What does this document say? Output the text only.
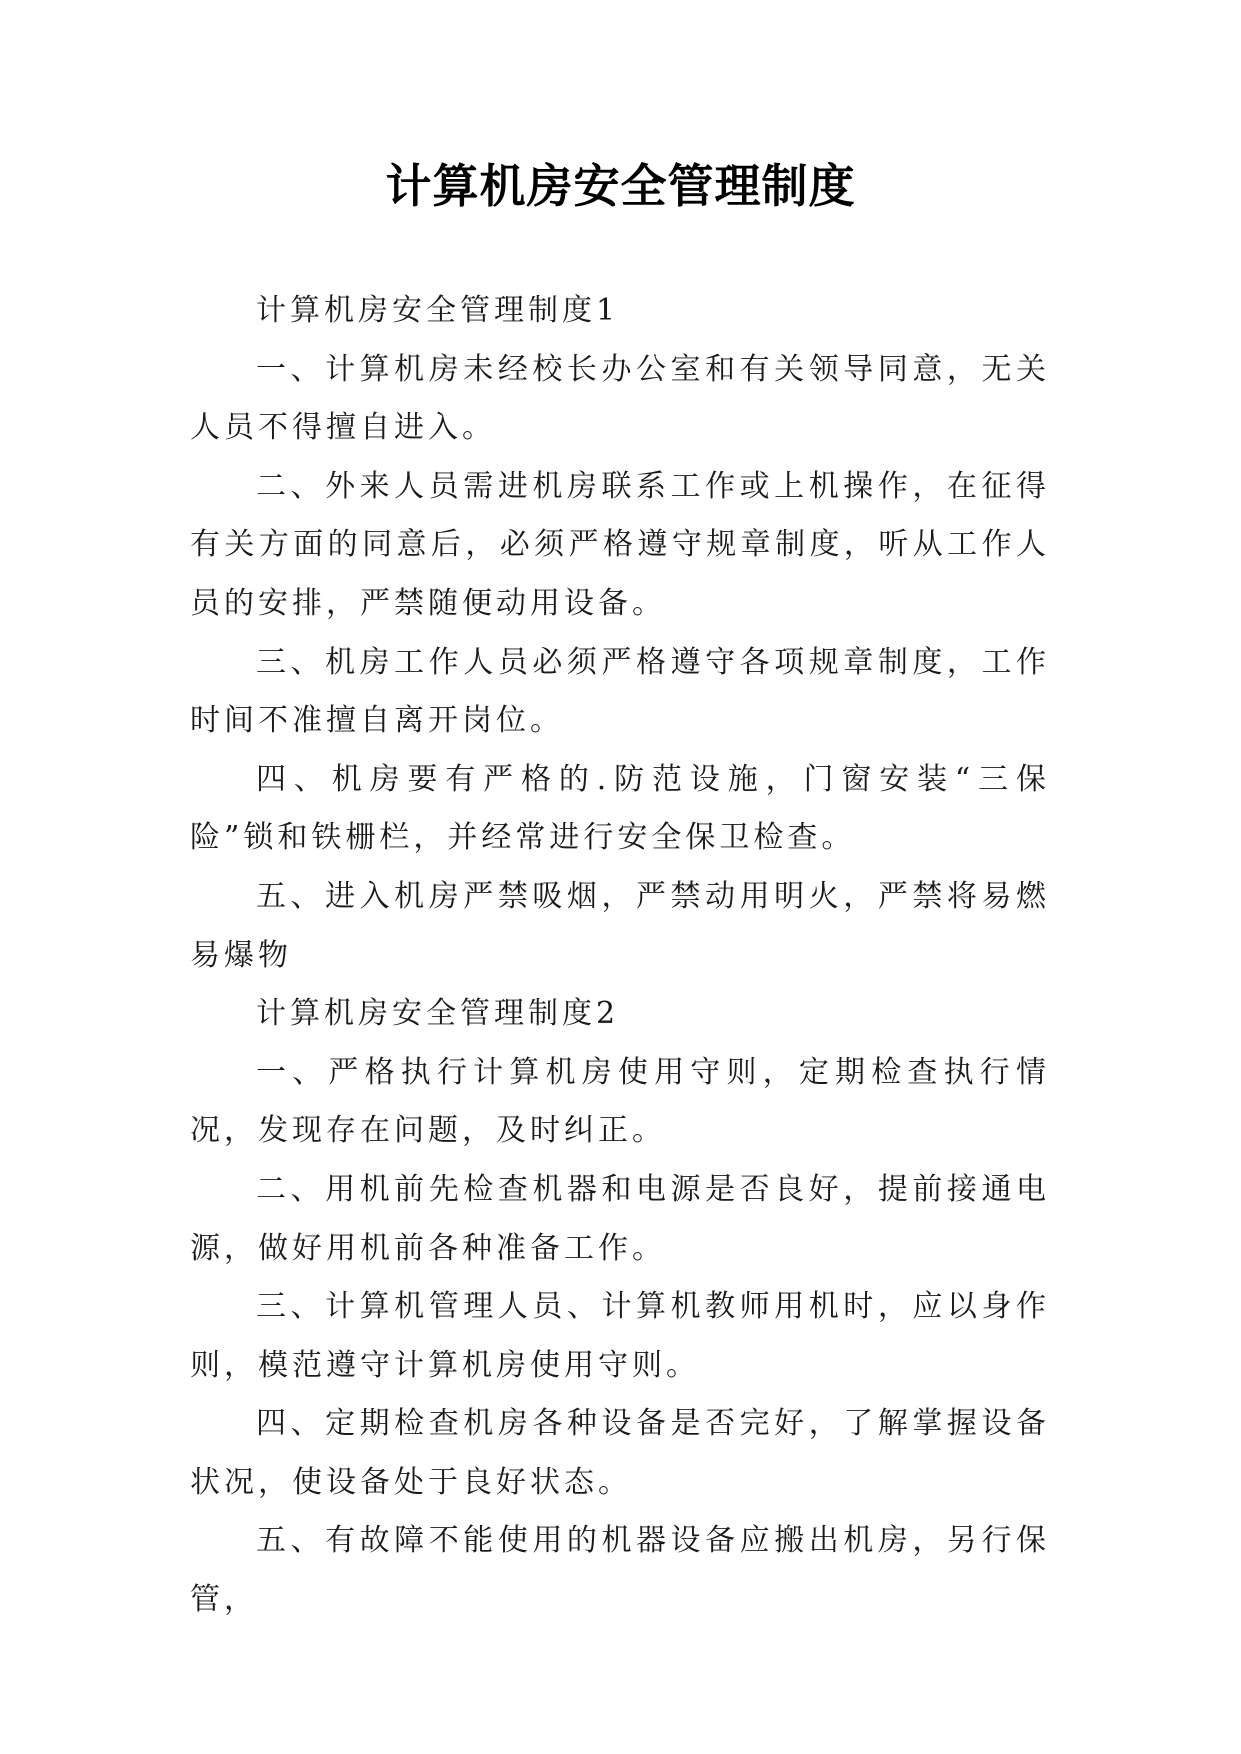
计算机房安全管理制度

计算机房安全管理制度1

一、计算机房未经校长办公室和有关领导同意，无关人员不得擅自进入。

二、外来人员需进机房联系工作或上机操作，在征得有关方面的同意后，必须严格遵守规章制度，听从工作人员的安排，严禁随便动用设备。

三、机房工作人员必须严格遵守各项规章制度，工作时间不准擅自离开岗位。

四、机房要有严格的.防范设施，门窗安装“三保险”锁和铁栅栏，并经常进行安全保卫检查。

五、进入机房严禁吸烟，严禁动用明火，严禁将易燃易爆物

计算机房安全管理制度2

一、严格执行计算机房使用守则，定期检查执行情况，发现存在问题，及时纠正。

二、用机前先检查机器和电源是否良好，提前接通电源，做好用机前各种准备工作。

三、计算机管理人员、计算机教师用机时，应以身作则，模范遵守计算机房使用守则。

四、定期检查机房各种设备是否完好，了解掌握设备状况，使设备处于良好状态。

五、有故障不能使用的机器设备应搬出机房，另行保管，
